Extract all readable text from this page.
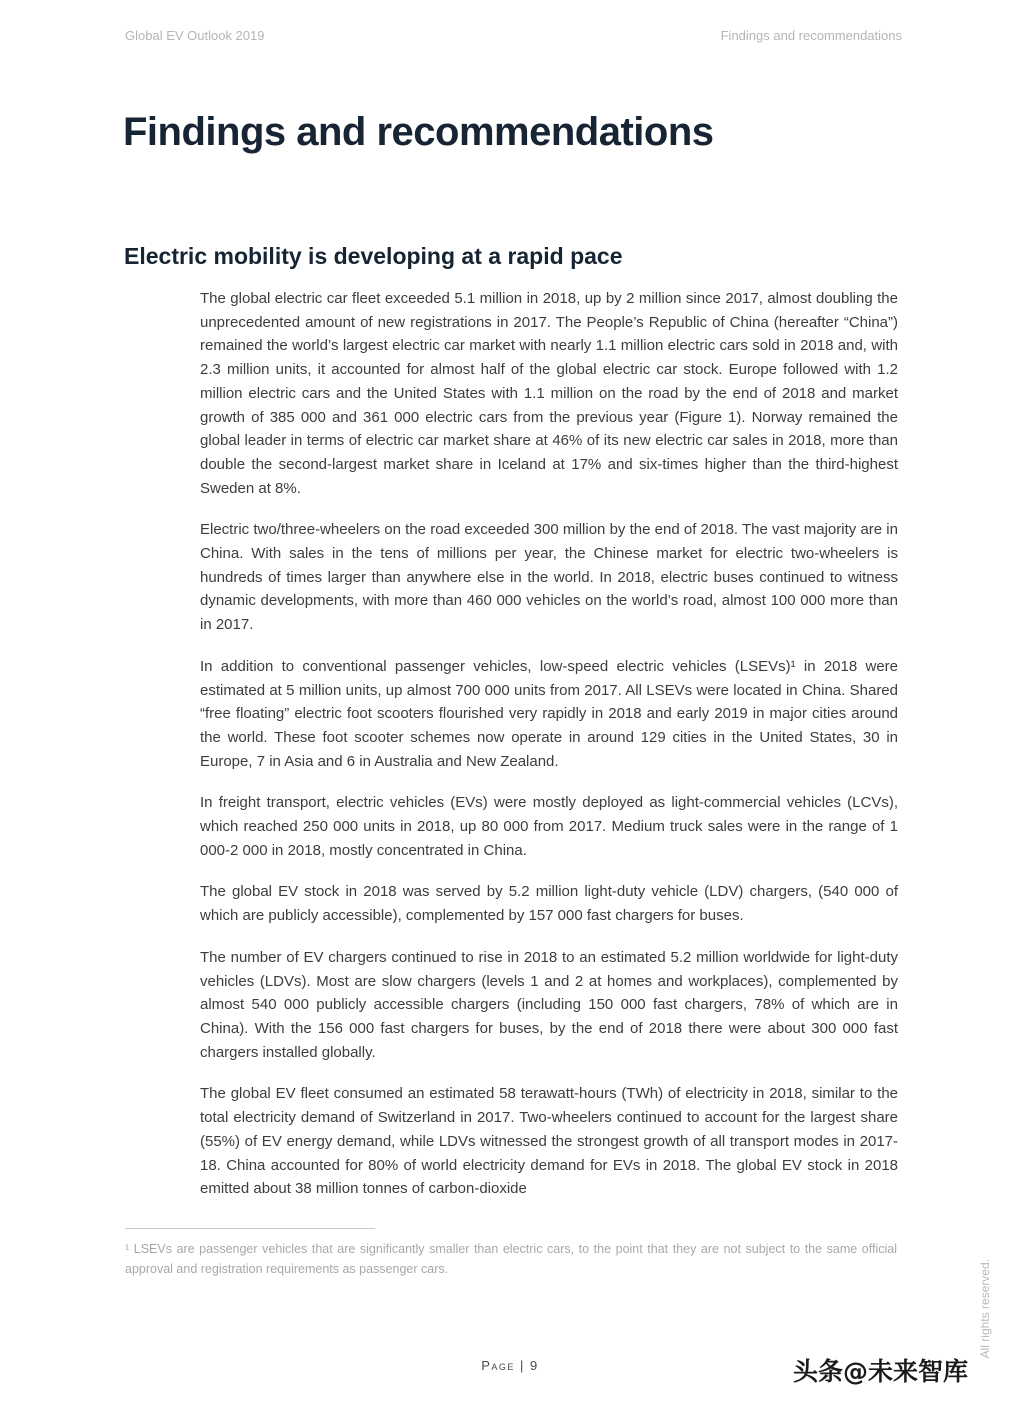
Global EV Outlook 2019	Findings and recommendations
Findings and recommendations
Electric mobility is developing at a rapid pace

The global electric car fleet exceeded 5.1 million in 2018, up by 2 million since 2017, almost doubling the unprecedented amount of new registrations in 2017. The People’s Republic of China (hereafter “China”) remained the world’s largest electric car market with nearly 1.1 million electric cars sold in 2018 and, with 2.3 million units, it accounted for almost half of the global electric car stock. Europe followed with 1.2 million electric cars and the United States with 1.1 million on the road by the end of 2018 and market growth of 385 000 and 361 000 electric cars from the previous year (Figure 1). Norway remained the global leader in terms of electric car market share at 46% of its new electric car sales in 2018, more than double the second-largest market share in Iceland at 17% and six-times higher than the third-highest Sweden at 8%.

Electric two/three-wheelers on the road exceeded 300 million by the end of 2018. The vast majority are in China. With sales in the tens of millions per year, the Chinese market for electric two-wheelers is hundreds of times larger than anywhere else in the world. In 2018, electric buses continued to witness dynamic developments, with more than 460 000 vehicles on the world’s road, almost 100 000 more than in 2017.

In addition to conventional passenger vehicles, low-speed electric vehicles (LSEVs)¹ in 2018 were estimated at 5 million units, up almost 700 000 units from 2017. All LSEVs were located in China. Shared “free floating” electric foot scooters flourished very rapidly in 2018 and early 2019 in major cities around the world. These foot scooter schemes now operate in around 129 cities in the United States, 30 in Europe, 7 in Asia and 6 in Australia and New Zealand.

In freight transport, electric vehicles (EVs) were mostly deployed as light-commercial vehicles (LCVs), which reached 250 000 units in 2018, up 80 000 from 2017. Medium truck sales were in the range of 1 000-2 000 in 2018, mostly concentrated in China.

The global EV stock in 2018 was served by 5.2 million light-duty vehicle (LDV) chargers, (540 000 of which are publicly accessible), complemented by 157 000 fast chargers for buses.

The number of EV chargers continued to rise in 2018 to an estimated 5.2 million worldwide for light-duty vehicles (LDVs). Most are slow chargers (levels 1 and 2 at homes and workplaces), complemented by almost 540 000 publicly accessible chargers (including 150 000 fast chargers, 78% of which are in China). With the 156 000 fast chargers for buses, by the end of 2018 there were about 300 000 fast chargers installed globally.

The global EV fleet consumed an estimated 58 terawatt-hours (TWh) of electricity in 2018, similar to the total electricity demand of Switzerland in 2017. Two-wheelers continued to account for the largest share (55%) of EV energy demand, while LDVs witnessed the strongest growth of all transport modes in 2017-18. China accounted for 80% of world electricity demand for EVs in 2018. The global EV stock in 2018 emitted about 38 million tonnes of carbon-dioxide

¹ LSEVs are passenger vehicles that are significantly smaller than electric cars, to the point that they are not subject to the same official approval and registration requirements as passenger cars.
Page | 9
All rights reserved.
头条@未来智库
